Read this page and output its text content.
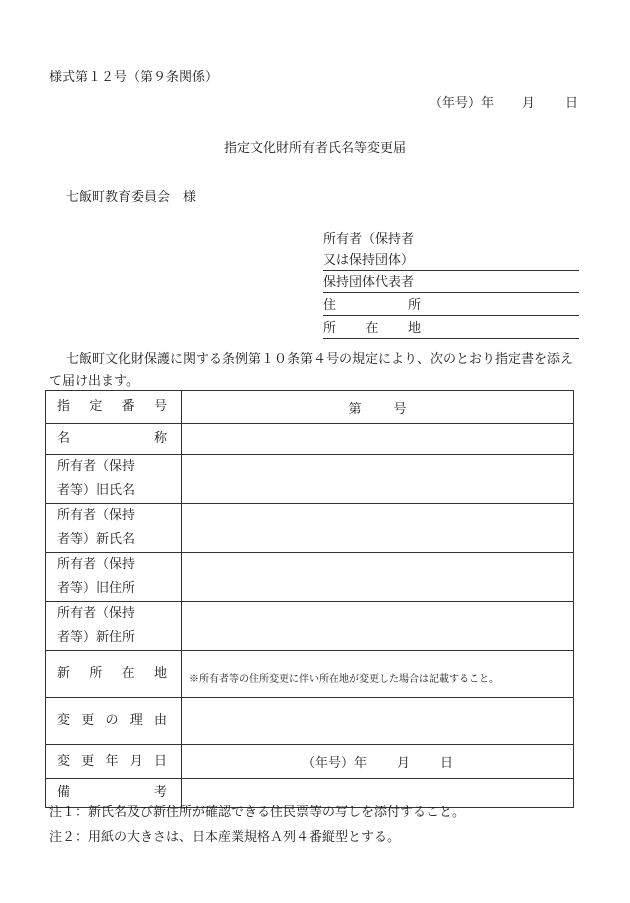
様式第１２号（第９条関係）
（年号）年 月 日
指定文化財所有者氏名等変更届
七飯町教育委員会　様
所有者（保持者
又は保持団体）
保持団体代表者
住	所
所 在 地

七飯町文化財保護に関する条例第１０条第４号の規定により、次のとおり指定書を添えて届け出ます。

指 定 番 号	第 号

名 称	

所有者（保持
者等）旧氏名	

所有者（保持
者等）新氏名	

所有者（保持
者等）旧住所	

所有者（保持
者等）新住所	

新 所 在 地	※所有者等の住所変更に伴い所在地が変更した場合は記載すること。

変 更 の 理 由	

変 更 年 月 日	（年号）年 月 日

備 考	

注１：新氏名及び新住所が確認できる住民票等の写しを添付すること。
注２：用紙の大きさは、日本産業規格Ａ列４番縦型とする。
